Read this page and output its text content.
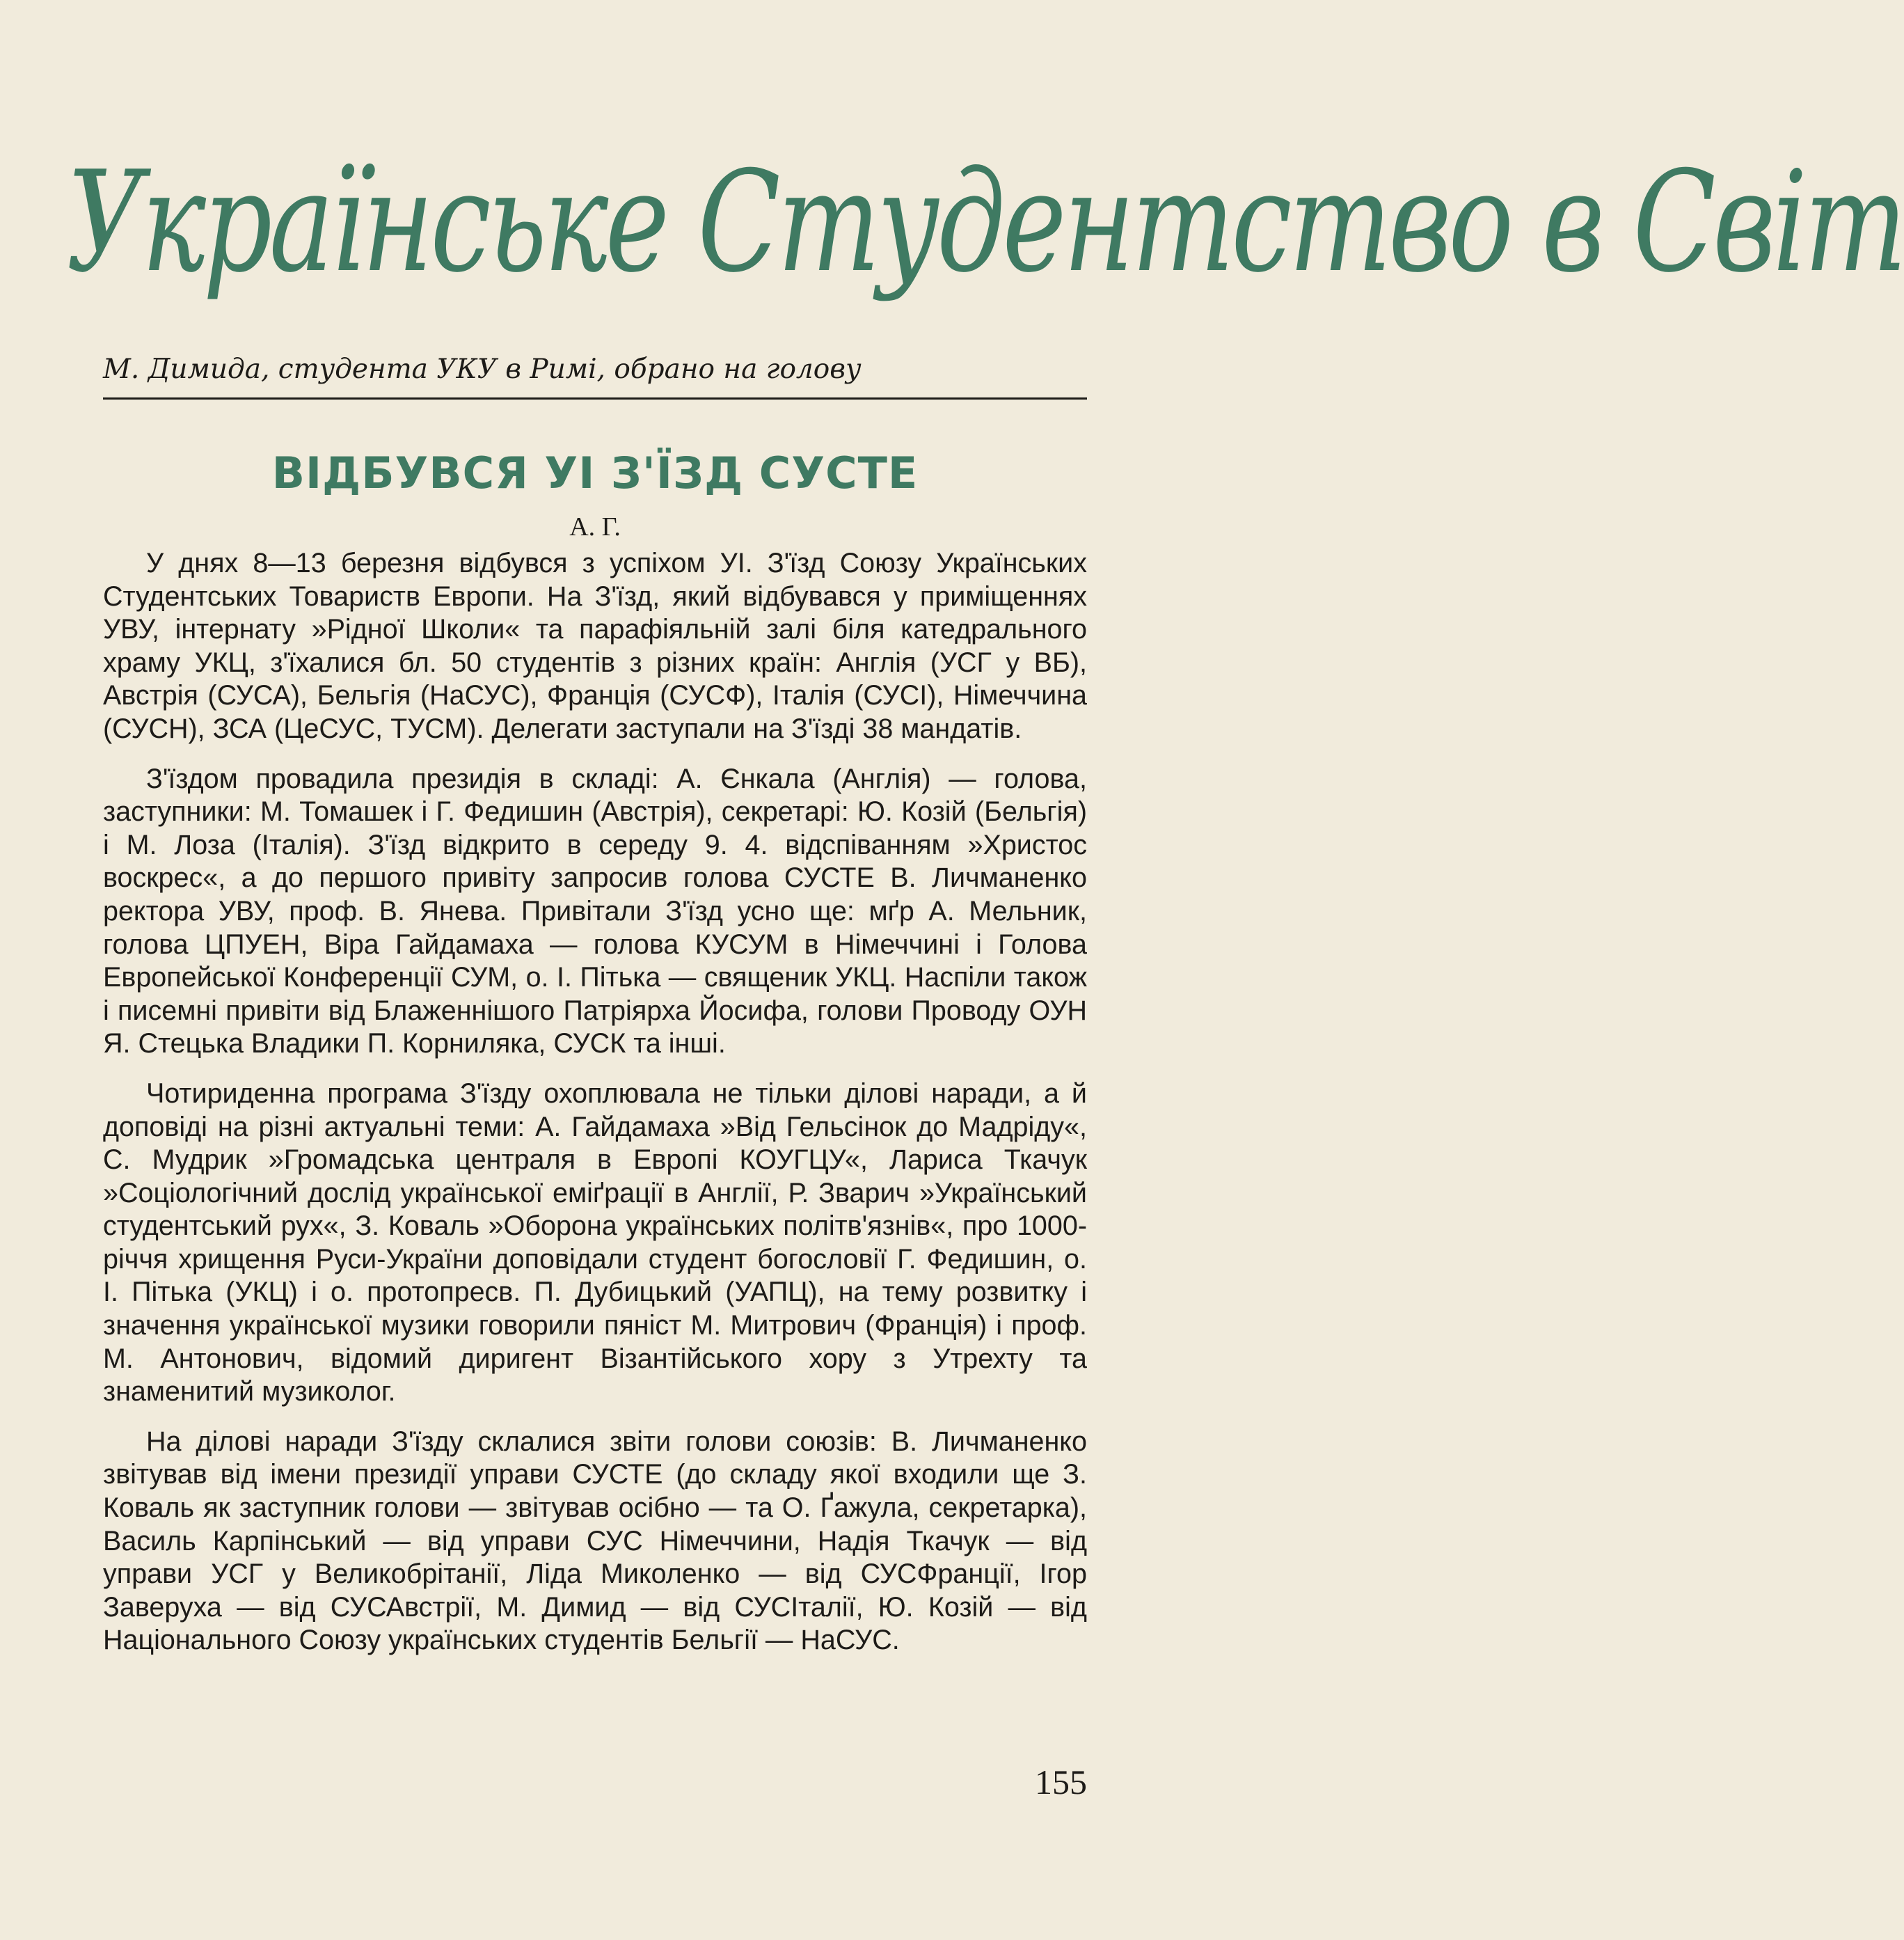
Українське Студентство в Світ
М. Димида, студента УКУ в Римі, обрано на голову
ВІДБУВСЯ УІ З'ЇЗД СУСТЕ
А. Г.

У днях 8—13 березня відбувся з успіхом УІ. З'їзд Союзу Українських Студентських Товариств Европи. На З'їзд, який відбувався у приміщеннях УВУ, інтернату »Рідної Школи« та парафіяльній залі біля катедрального храму УКЦ, з'їхалися бл. 50 студентів з різних країн: Англія (УСГ у ВБ), Австрія (СУСА), Бельгія (НаСУС), Франція (СУСФ), Італія (СУСІ), Німеччина (СУСН), ЗСА (ЦеСУС, ТУСМ). Делегати заступали на З'їзді 38 мандатів.

З'їздом провадила президія в складі: А. Єнкала (Англія) — голова, заступники: М. Томашек і Г. Федишин (Австрія), секретарі: Ю. Козій (Бельгія) і М. Лоза (Італія). З'їзд відкрито в середу 9. 4. відспіванням »Христос воскрес«, а до першого привіту запросив голова СУСТЕ В. Личманенко ректора УВУ, проф. В. Янева. Привітали З'їзд усно ще: мґр А. Мельник, голова ЦПУЕН, Віра Гайдамаха — голова КУСУМ в Німеччині і Голова Европейської Конференції СУМ, о. І. Пітька — священик УКЦ. Наспіли також і писемні привіти від Блаженнішого Патріярха Йосифа, голови Проводу ОУН Я. Стецька Владики П. Корниляка, СУСК та інші.

Чотириденна програма З'їзду охоплювала не тільки ділові наради, а й доповіді на різні актуальні теми: А. Гайдамаха »Від Гельсінок до Мадріду«, С. Мудрик »Громадська централя в Европі КОУГЦУ«, Лариса Ткачук »Соціологічний дослід української еміґрації в Англії, Р. Зварич »Український студентський рух«, З. Коваль »Оборона українських політв'язнів«, про 1000-річчя хрищення Руси-України доповідали студент богословії Г. Федишин, о. І. Пітька (УКЦ) і о. протопресв. П. Дубицький (УАПЦ), на тему розвитку і значення української музики говорили пяніст М. Митрович (Франція) і проф. М. Антонович, відомий диригент Візантійського хору з Утрехту та знаменитий музиколог.

На ділові наради З'їзду склалися звіти голови союзів: В. Личманенко звітував від імени президії управи СУСТЕ (до складу якої входили ще З. Коваль як заступник голови — звітував осібно — та О. Ґажула, секретарка), Василь Карпінський — від управи СУС Німеччини, Надія Ткачук — від управи УСГ у Великобрітанії, Ліда Миколенко — від СУСФранції, Ігор Заверуха — від СУСАвстрії, М. Димид — від СУСІталії, Ю. Козій — від Національного Союзу українських студентів Бельгії — НаСУС.

155
